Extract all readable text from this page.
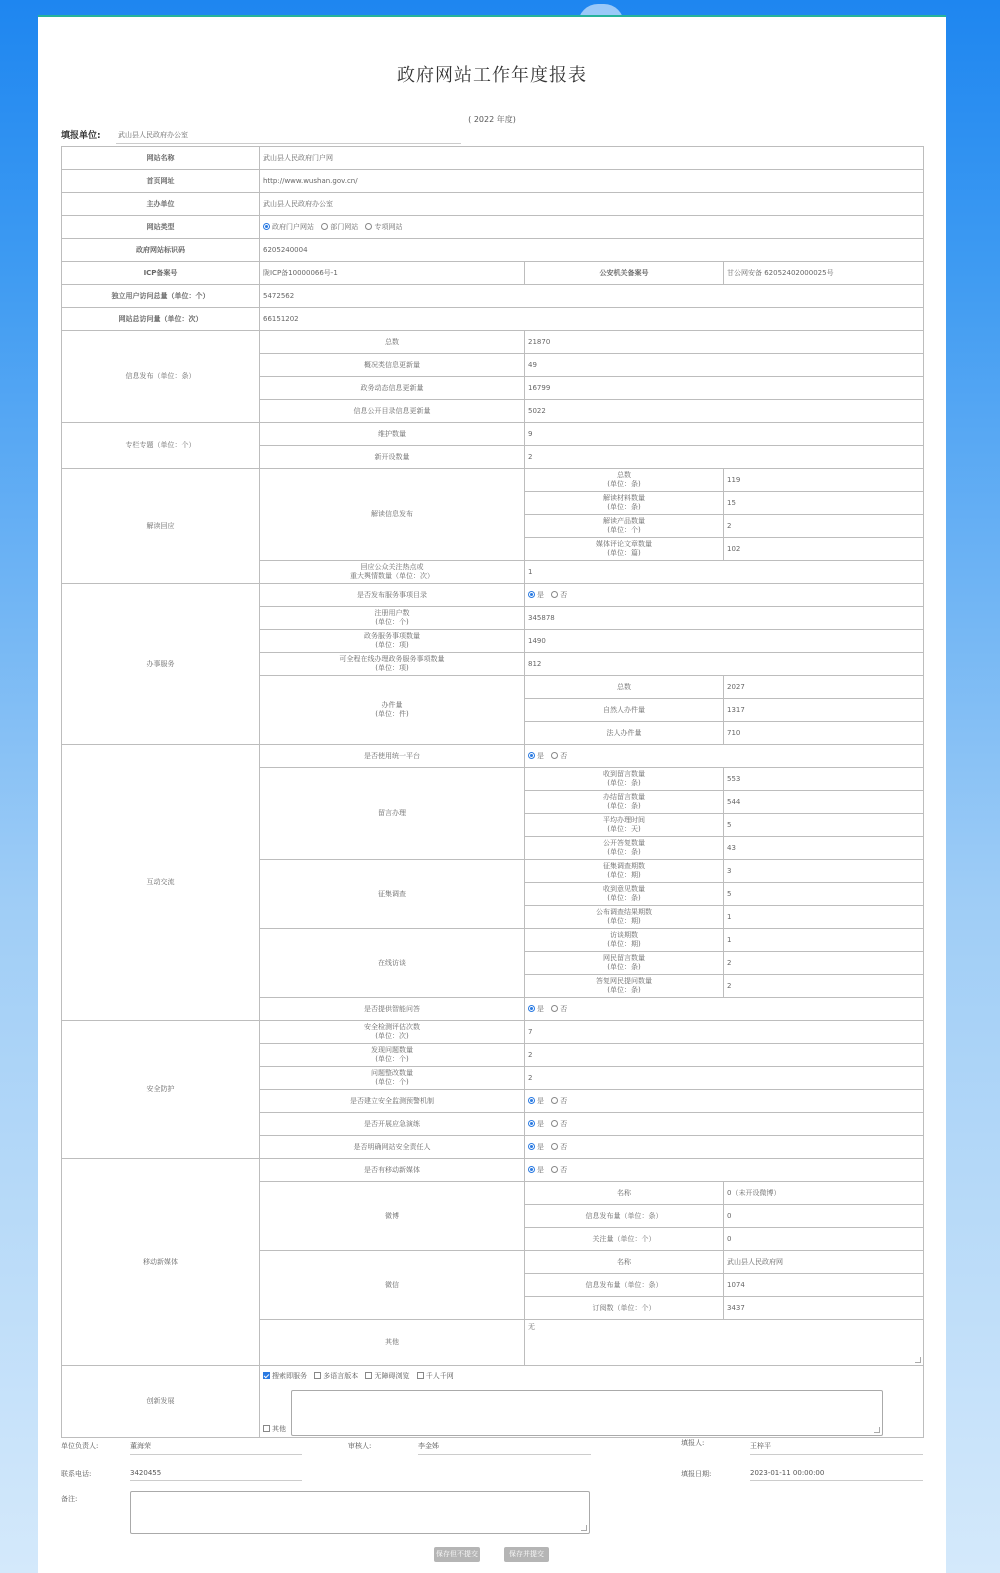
政府网站工作年度报表
( 2022 年度)
填报单位: 武山县人民政府办公室
网站名称	武山县人民政府门户网		
首页网址	http://www.wushan.gov.cn/		
主办单位	武山县人民政府办公室		
网站类型	政府门户网站 部门网站 专项网站		
政府网站标识码	6205240004		
ICP备案号	陇ICP备10000066号-1	公安机关备案号	甘公网安备 62052402000025号
独立用户访问总量（单位：个）	5472562		
网站总访问量（单位：次）	66151202		
信息发布（单位：条）	总数	21870	
	概况类信息更新量	49	
	政务动态信息更新量	16799	
	信息公开目录信息更新量	5022	
专栏专题（单位：个）	维护数量	9	
	新开设数量	2	
解读回应	解读信息发布	总数
(单位：条)	119

		解读材料数量
(单位：条)	15

		解读产品数量
(单位：个)	2

		媒体评论文章数量
(单位：篇)	102

	回应公众关注热点或
重大舆情数量（单位：次）	1	
办事服务	是否发布服务事项目录	是 否	

	注册用户数
(单位：个)	345878	

	政务服务事项数量
(单位：项)	1490	

	可全程在线办理政务服务事项数量
(单位：项)	812	

	办件量
(单位：件)	总数	2027
		自然人办件量	1317
		法人办件量	710
互动交流	是否使用统一平台	是 否	
	留言办理	收到留言数量
(单位：条)	553

		办结留言数量
(单位：条)	544

		平均办理时间
(单位：天)	5

		公开答复数量
(单位：条)	43
	征集调查	征集调查期数
(单位：期)	3

		收到意见数量
(单位：条)	5

		公布调查结果期数
(单位：期)	1
	在线访谈	访谈期数
(单位：期)	1

		网民留言数量
(单位：条)	2

		答复网民提问数量
(单位：条)	2
	是否提供智能问答	是 否	
安全防护	安全检测评估次数
(单位：次)	7	

	发现问题数量
(单位：个)	2	

	问题整改数量
(单位：个)	2	
	是否建立安全监测预警机制	是 否	
	是否开展应急演练	是 否	
	是否明确网站安全责任人	是 否	
移动新媒体	是否有移动新媒体	是 否	
	微博	名称	0（未开设微博）
		信息发布量（单位：条）	0
		关注量（单位：个）	0
	微信	名称	武山县人民政府网
		信息发布量（单位：条）	1074
		订阅数（单位：个）	3437
	其他	无	

创新发展	搜索即服务 多语言版本 无障碍浏览 千人千网
其他		
单位负责人:	董海荣	审核人:	李金姊	填报人:	王梓平
联系电话:	3420455	填报日期:	2023-01-11 00:00:00
备注:
保存但不提交	保存并提交
